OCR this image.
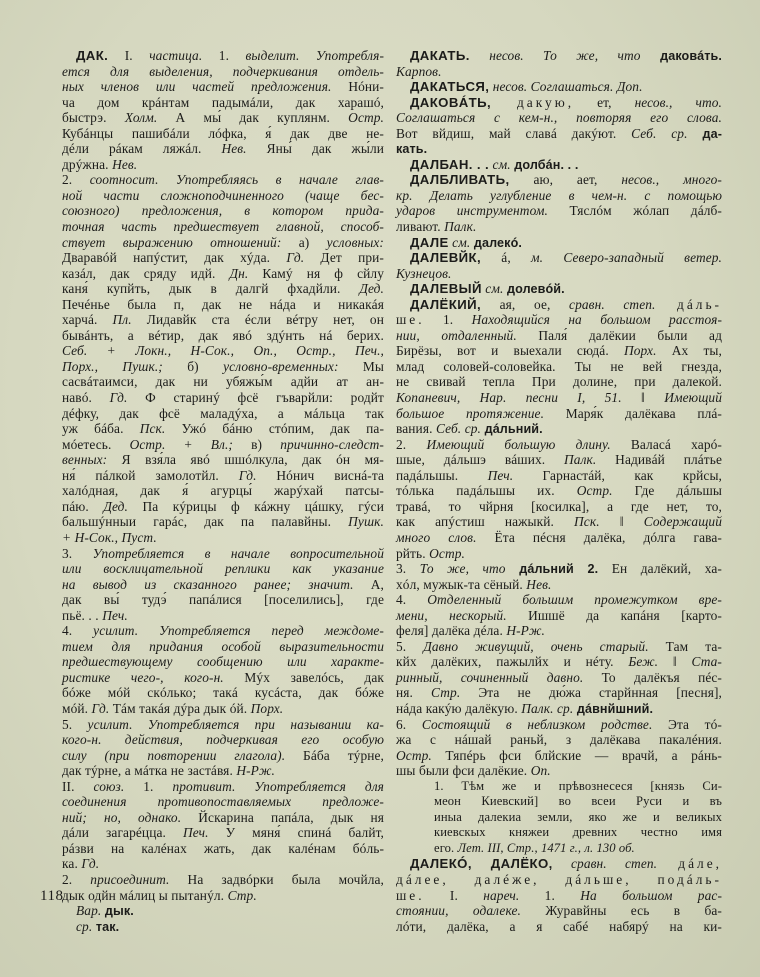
ДАК. I. частица. 1. выделит. Употребля-
ется для выделения, подчеркивания отдель-
ных членов или частей предложения. Нóни-
ча дом крáнтам падымáли, дак харашó,
быстрэ. Холм. А мы́ дак куплянм. Остр.
Кубáнцы пашибáли лóфка, я́ дак две не-
дéли рáкам ляжáл. Нев. Яны́ дак жы́ли
дрýжна. Нев.
2. соотносит. Употребляясь в начале глав-
ной части сложноподчиненного (чаще бес-
союзного) предложения, в котором прида-
точная часть предшествует главной, способ-
ствует выражению отношений: а) условных:
Дваравóй напýстит, дак хýда. Гд. Дет при-
казáл, дак сряду идй. Дн. Камý ня ф сйлу
каня́ купйть, дык в далгй фхадйли. Дед.
Печéнье была п, дак не нáда и никакáя
харчá. Пл. Лидавйк ста éсли вéтру нет, он
бывáнть, а вéтир, дак явó здýнть нá берих.
Себ. + Локн., Н-Сок., Оп., Остр., Печ.,
Порх., Пушк.; б) условно-временных: Мы
сасвáтаимси, дак ни убяжы́м адйи ат ан-
навó. Гд. Ф старинý фсё гъварйли: родйт
дéфку, дак фсё маладýха, а мáльца так
уж бáба. Пск. Ужó бáню стóпим, дак па-
мóетесь. Остр. + Вл.; в) причинно-следст-
венных: Я взя́ла явó шшóлкула, дак óн мя-
ня́ пáлкой замолотйл. Гд. Нóнич виснá-та
халóдная, дак я́ агурцы́ жарýхай патсы-
пáю. Дед. Па кýрицы ф кáжну цáшку, гýси
бальшýнныи гарáс, дак па палавйны. Пушк.
+ Н-Сок., Пуст.
3. Употребляется в начале вопросительной
или восклицательной реплики как указание
на вывод из сказанного ранее; значит. А,
дак вы́ тудэ́ папáлися [поселились], где
пьё. . . Печ.
4. усилит. Употребляется перед междоме-
тием для придания особой выразительности
предшествующему сообщению или характе-
ристике чего-, кого-н. Мýх завелóсь, дак
бóже мóй скóлько; такá кусáста, дак бóже
мóй. Гд. Тáм такáя дýра дык óй. Порх.
5. усилит. Употребляется при назывании ка-
кого-н. действия, подчеркивая его особую
силу (при повторении глагола). Бáба тýрне,
дак тýрне, а мáтка не застáвя. Н-Рж.
II. союз. 1. противит. Употребляется для
соединения противопоставляемых предложе-
ний; но, однако. Йскарина папáла, дык ня
дáли загарéцца. Печ. У мяня́ спинá балйт,
рáзви на калéнах жать, дак калéнам бóль-
ка. Гд.
2. присоединит. На задвóрки была мочйла,
дык одйн мáлиц ы пытанýл. Стр.
Вар. дык.
ср. так.
ДАКАТЬ. несов. То же, что даковáть.
Карпов.
ДАКАТЬСЯ, несов. Соглашаться. Доп.
ДАКОВÁТЬ, дакую, ет, несов., что.
Соглашаться с кем-н., повторяя его слова.
Вот вйдиш, май славá дакýют. Себ. ср. да-
кать.
ДАЛБАН. . . см. долбáн. . .
ДАЛБЛИВАТЬ, аю, ает, несов., много-
кр. Делать углубление в чем-н. с помощью
ударов инструментом. Тяслóм жóлап дáлб-
ливают. Палк.
ДАЛЕ см. далекó.
ДАЛЕВЙК, á, м. Северо-западный ветер.
Кузнецов.
ДАЛЕВЫЙ см. долевóй.
ДАЛЁКИЙ, ая, ое, сравн. степ. дáль-
ше. 1. Находящийся на большом расстоя-
нии, отдаленный. Паля́ далёкии были ад
Бирёзы, вот и выехали сюдá. Порх. Ах ты,
млад соловей-соловейка. Ты не вей гнезда,
не свивай тепла При долине, при далекой.
Копаневич, Нар. песни I, 51. ‖ Имеющий
большое протяжение. Маря́к далёкава плá-
вания. Себ. ср. дáльний.
2. Имеющий большую длину. Валасá харó-
шые, дáльшэ вáших. Палк. Надивáй плáтье
падáльшы. Печ. Гарнастáй, как крйсы,
тóлька падáльшы их. Остр. Где дáльшы
травá, то чйрня [косилка], а где нет, то,
как апýстиш нажыкй. Пск. ‖ Содержащий
много слов. Ёта пéсня далёка, дóлга гава-
рйть. Остр.
3. То же, что дáльний 2. Ен далёкий, ха-
хóл, мужык-та сёный. Нев.
4. Отделенный большим промежутком вре-
мени, нескорый. Ишшё да капáня [карто-
феля] далёка дéла. Н-Рж.
5. Давно живущий, очень старый. Там та-
кйх далёких, пажылйх и нéту. Беж. ‖ Ста-
ринный, сочиненный давно. То далёкъя пéс-
ня. Стр. Эта не дю́жа старйнная [песня],
нáда какýю далёкую. Палк. ср. дáвнйшний.
6. Состоящий в неблизком родстве. Эта тó-
жа с нáшай раньй, з далёкава пакалéния.
Остр. Тяпéрь фси блйские — врачй, а рáнь-
шы были фси далёкие. Оп.
1. Тѣм же и прѣвознесеся [князь Си-
меон Киевский] во всеи Руси и въ
иныа далекиа земли, яко же и великых
киевскых княжеи древних честно имя
его. Лет. III, Стр., 1471 г., л. 130 об.
ДАЛЕКÓ, ДАЛЁКО, сравн. степ. дáле,
дáлее, далéже, дáльше, подáль-
ше. I. нареч. 1. На большом рас-
стоянии, одалеке. Журавйны есь в ба-
лóти, далёка, а я сабé набярý на ки-
118
